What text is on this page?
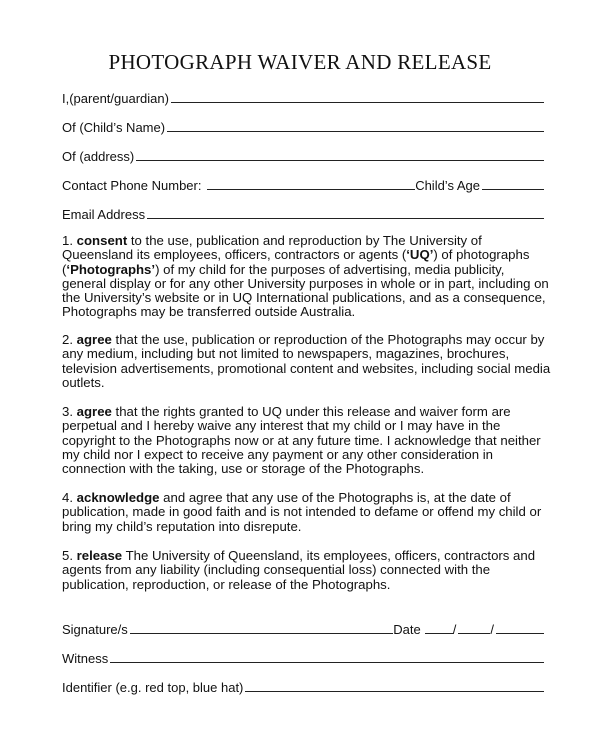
PHOTOGRAPH WAIVER AND RELEASE
I,(parent/guardian)
Of (Child’s Name)
Of (address)
Contact Phone Number:	Child’s Age
Email Address
1. consent to the use, publication and reproduction by The University of Queensland its employees, officers, contractors or agents (‘UQ’) of photographs (‘Photographs’) of my child for the purposes of advertising, media publicity, general display or for any other University purposes in whole or in part, including on the University’s website or in UQ International publications, and as a consequence, Photographs may be transferred outside Australia.
2. agree that the use, publication or reproduction of the Photographs may occur by any medium, including but not limited to newspapers, magazines, brochures, television advertisements, promotional content and websites, including social media outlets.
3. agree that the rights granted to UQ under this release and waiver form are perpetual and I hereby waive any interest that my child or I may have in the copyright to the Photographs now or at any future time. I acknowledge that neither my child nor I expect to receive any payment or any other consideration in connection with the taking, use or storage of the Photographs.
4. acknowledge and agree that any use of the Photographs is, at the date of publication, made in good faith and is not intended to defame or offend my child or bring my child’s reputation into disrepute.
5. release The University of Queensland, its employees, officers, contractors and agents from any liability (including consequential loss) connected with the publication, reproduction, or release of the Photographs.
Signature/s	Date /	/
Witness
Identifier (e.g. red top, blue hat)
